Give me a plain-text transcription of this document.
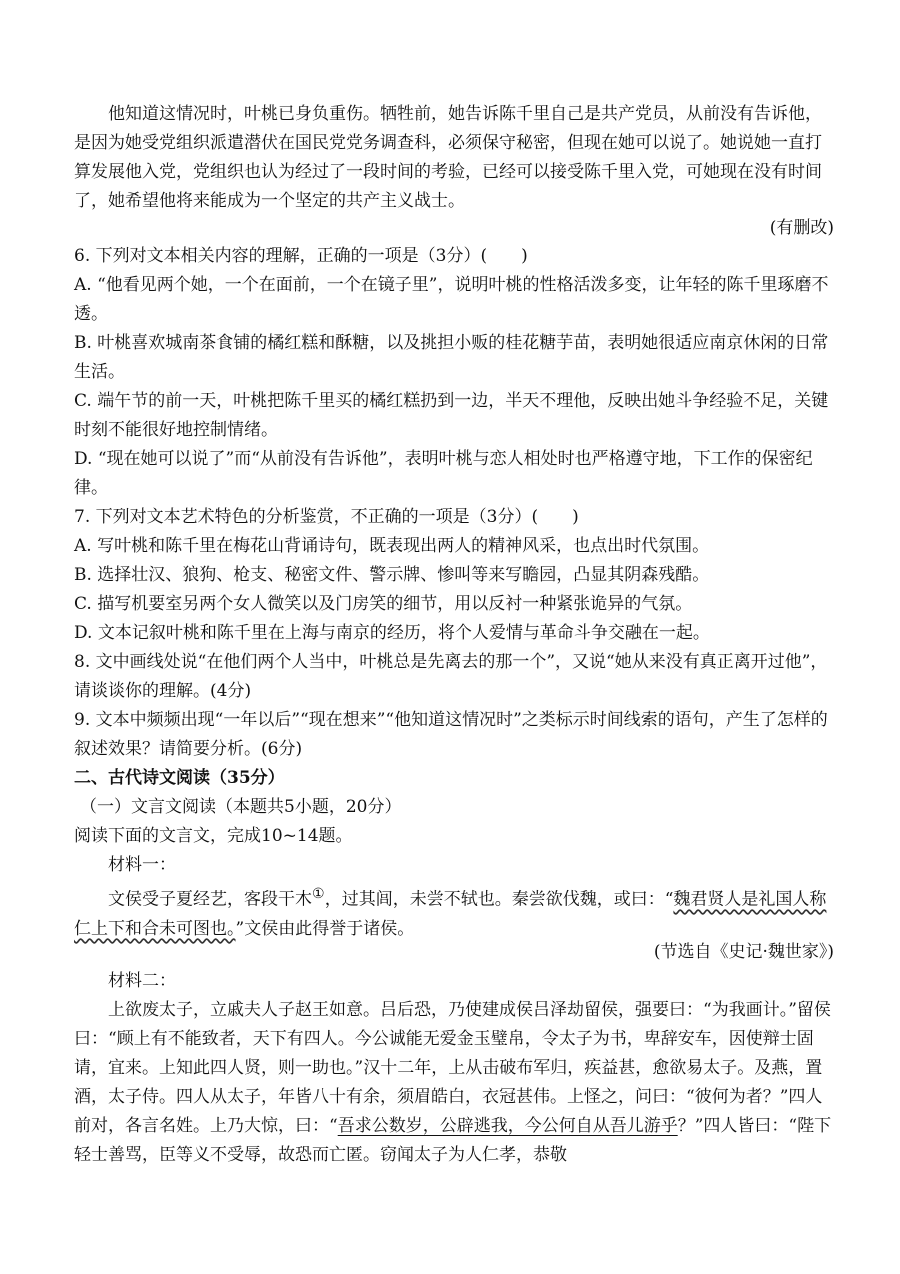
他知道这情况时，叶桃已身负重伤。牺牲前，她告诉陈千里自己是共产党员，从前没有告诉他，是因为她受党组织派遣潜伏在国民党党务调查科，必须保守秘密，但现在她可以说了。她说她一直打算发展他入党，党组织也认为经过了一段时间的考验，已经可以接受陈千里入党，可她现在没有时间了，她希望他将来能成为一个坚定的共产主义战士。
(有删改)
6. 下列对文本相关内容的理解，正确的一项是（3分）(　　)
A. “他看见两个她，一个在面前，一个在镜子里”，说明叶桃的性格活泼多变，让年轻的陈千里琢磨不透。
B. 叶桃喜欢城南茶食铺的橘红糕和酥糖，以及挑担小贩的桂花糖芋苗，表明她很适应南京休闲的日常生活。
C. 端午节的前一天，叶桃把陈千里买的橘红糕扔到一边，半天不理他，反映出她斗争经验不足，关键时刻不能很好地控制情绪。
D. “现在她可以说了”而“从前没有告诉他”，表明叶桃与恋人相处时也严格遵守地，下工作的保密纪律。
7. 下列对文本艺术特色的分析鉴赏，不正确的一项是（3分）(　　)
A. 写叶桃和陈千里在梅花山背诵诗句，既表现出两人的精神风采，也点出时代氛围。
B. 选择壮汉、狼狗、枪支、秘密文件、警示牌、惨叫等来写瞻园，凸显其阴森残酷。
C. 描写机要室另两个女人微笑以及门房笑的细节，用以反衬一种紧张诡异的气氛。
D. 文本记叙叶桃和陈千里在上海与南京的经历，将个人爱情与革命斗争交融在一起。
8. 文中画线处说“在他们两个人当中，叶桃总是先离去的那一个”，又说“她从来没有真正离开过他”，请谈谈你的理解。(4分)
9. 文本中频频出现“一年以后”“现在想来”“他知道这情况时”之类标示时间线索的语句，产生了怎样的叙述效果？请简要分析。(6分)
二、古代诗文阅读（35分）
（一）文言文阅读（本题共5小题，20分）
阅读下面的文言文，完成10~14题。
材料一：
文侯受子夏经艺，客段干木①，过其闾，未尝不轼也。秦尝欲伐魏，或曰：“魏君贤人是礼国人称仁上下和合未可图也。”文侯由此得誉于诸侯。
(节选自《史记·魏世家》)
材料二：
上欲废太子，立戚夫人子赵王如意。吕后恐，乃使建成侯吕泽劫留侯，强要曰：“为我画计。”留侯曰：“顾上有不能致者，天下有四人。今公诚能无爱金玉璧帛，令太子为书，卑辞安车，因使辩士固请，宜来。上知此四人贤，则一助也。”汉十二年，上从击破布军归，疾益甚，愈欲易太子。及燕，置酒，太子侍。四人从太子，年皆八十有余，须眉皓白，衣冠甚伟。上怪之，问曰：“彼何为者？”四人前对，各言名姓。上乃大惊，曰：“吾求公数岁，公辟逃我，今公何自从吾儿游乎？”四人皆曰：“陛下轻士善骂，臣等义不受辱，故恐而亡匿。窃闻太子为人仁孝，恭敬
